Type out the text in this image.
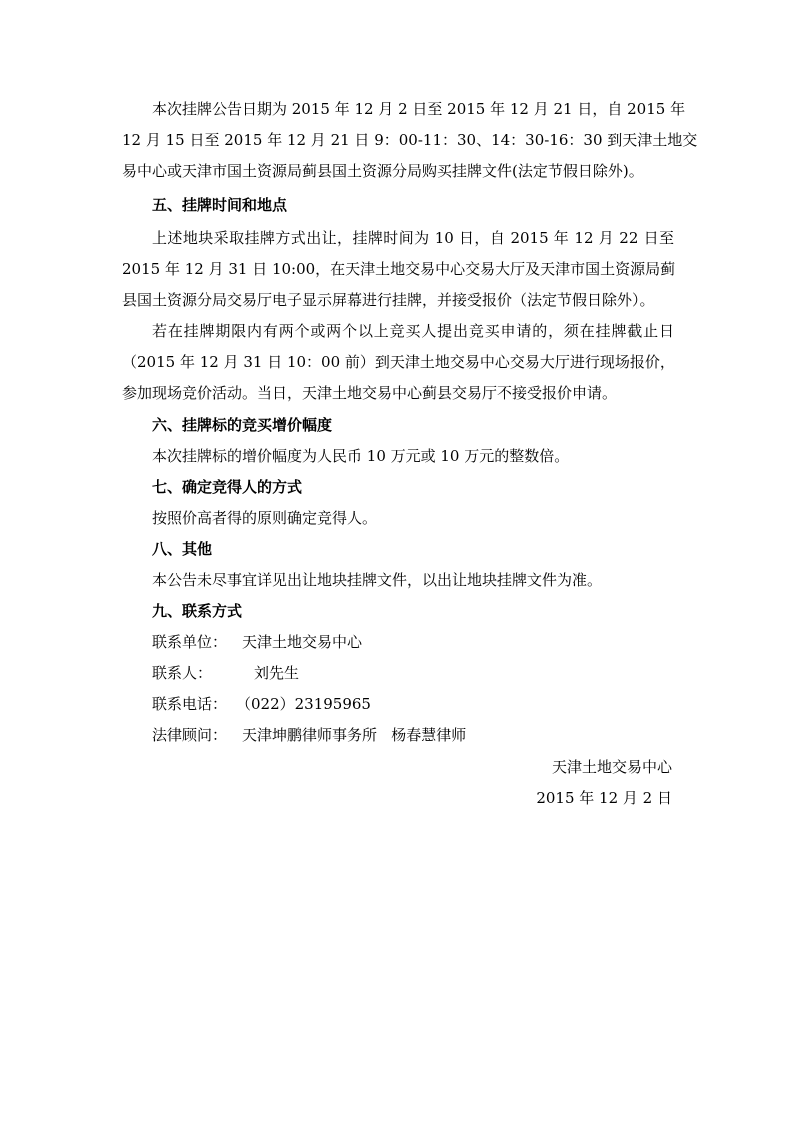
本次挂牌公告日期为 2015 年 12 月 2 日至 2015 年 12 月 21 日，自 2015 年

12 月 15 日至 2015 年 12 月 21 日 9：00-11：30、14：30-16：30 到天津土地交

易中心或天津市国土资源局蓟县国土资源分局购买挂牌文件(法定节假日除外)。

五、挂牌时间和地点

上述地块采取挂牌方式出让，挂牌时间为 10 日，自 2015 年 12 月 22 日至

2015 年 12 月 31 日 10:00，在天津土地交易中心交易大厅及天津市国土资源局蓟

县国土资源分局交易厅电子显示屏幕进行挂牌，并接受报价（法定节假日除外）。

若在挂牌期限内有两个或两个以上竞买人提出竞买申请的，须在挂牌截止日

（2015 年 12 月 31 日 10：00 前）到天津土地交易中心交易大厅进行现场报价，

参加现场竞价活动。当日，天津土地交易中心蓟县交易厅不接受报价申请。

六、挂牌标的竞买增价幅度

本次挂牌标的增价幅度为人民币 10 万元或 10 万元的整数倍。

七、确定竞得人的方式

按照价高者得的原则确定竞得人。

八、其他

本公告未尽事宜详见出让地块挂牌文件，以出让地块挂牌文件为准。

九、联系方式

联系单位： 天津土地交易中心
联系人：	刘先生
联系电话： （022）23195965
法律顾问： 天津坤鹏律师事务所   杨春慧律师

天津土地交易中心

2015 年 12 月 2 日
